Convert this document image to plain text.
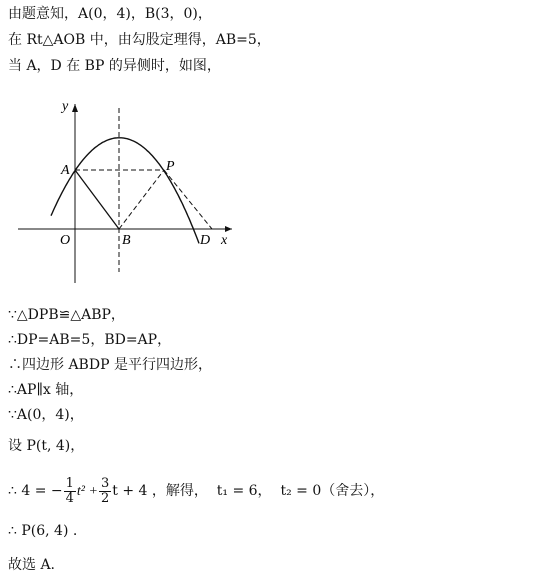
由题意知，A(0，4)，B(3，0)，
在 Rt△AOB 中，由勾股定理得，AB=5，
当 A，D 在 BP 的异侧时，如图，
y
x
A	P
O	B	D
∵△DPB≌△ABP，
∴DP=AB=5，BD=AP，
∴四边形 ABDP 是平行四边形，
∴AP∥x 轴，
∵A(0，4)，
设 P(t, 4)，
∴ 4 = − $\frac{1}{4} t^2 + \frac{3}{2}$ t + 4 ，解得， t₁ = 6， t₂ = 0（舍去），
∴ P(6, 4) .
故选 A.
